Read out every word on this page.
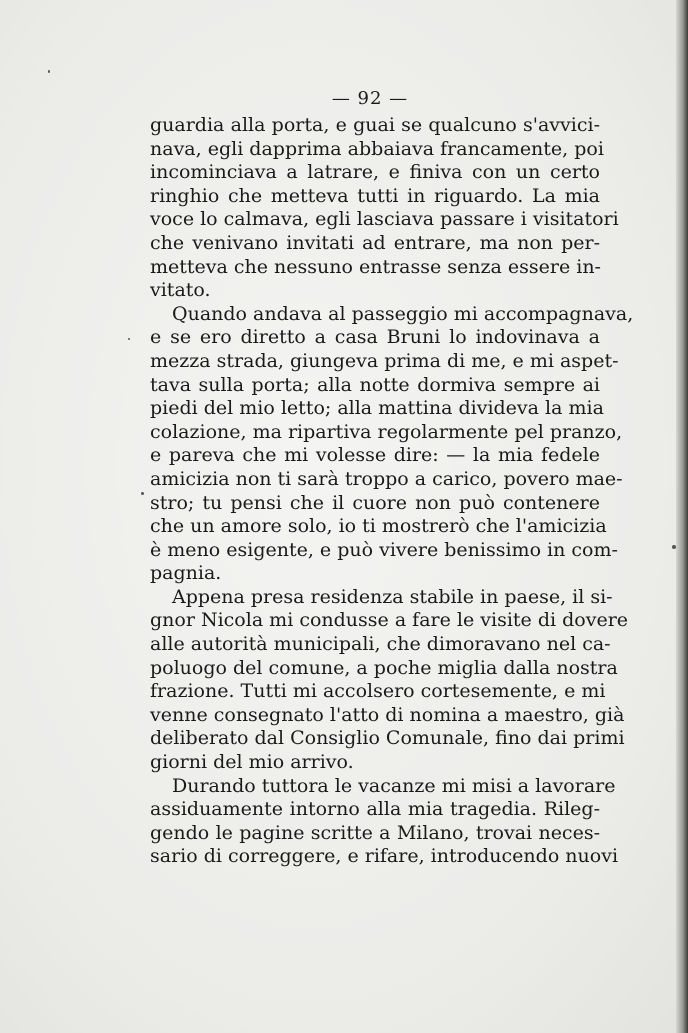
— 92 —
guardia alla porta, e guai se qualcuno s'avvici-
nava, egli dapprima abbaiava francamente, poi
incominciava a latrare, e finiva con un certo
ringhio che metteva tutti in riguardo. La mia
voce lo calmava, egli lasciava passare i visitatori
che venivano invitati ad entrare, ma non per-
metteva che nessuno entrasse senza essere in-
vitato.
Quando andava al passeggio mi accompagnava,
e se ero diretto a casa Bruni lo indovinava a
mezza strada, giungeva prima di me, e mi aspet-
tava sulla porta; alla notte dormiva sempre ai
piedi del mio letto; alla mattina divideva la mia
colazione, ma ripartiva regolarmente pel pranzo,
e pareva che mi volesse dire: — la mia fedele
amicizia non ti sarà troppo a carico, povero mae-
stro; tu pensi che il cuore non può contenere
che un amore solo, io ti mostrerò che l'amicizia
è meno esigente, e può vivere benissimo in com-
pagnia.
Appena presa residenza stabile in paese, il si-
gnor Nicola mi condusse a fare le visite di dovere
alle autorità municipali, che dimoravano nel ca-
poluogo del comune, a poche miglia dalla nostra
frazione. Tutti mi accolsero cortesemente, e mi
venne consegnato l'atto di nomina a maestro, già
deliberato dal Consiglio Comunale, fino dai primi
giorni del mio arrivo.
Durando tuttora le vacanze mi misi a lavorare
assiduamente intorno alla mia tragedia. Rileg-
gendo le pagine scritte a Milano, trovai neces-
sario di correggere, e rifare, introducendo nuovi
